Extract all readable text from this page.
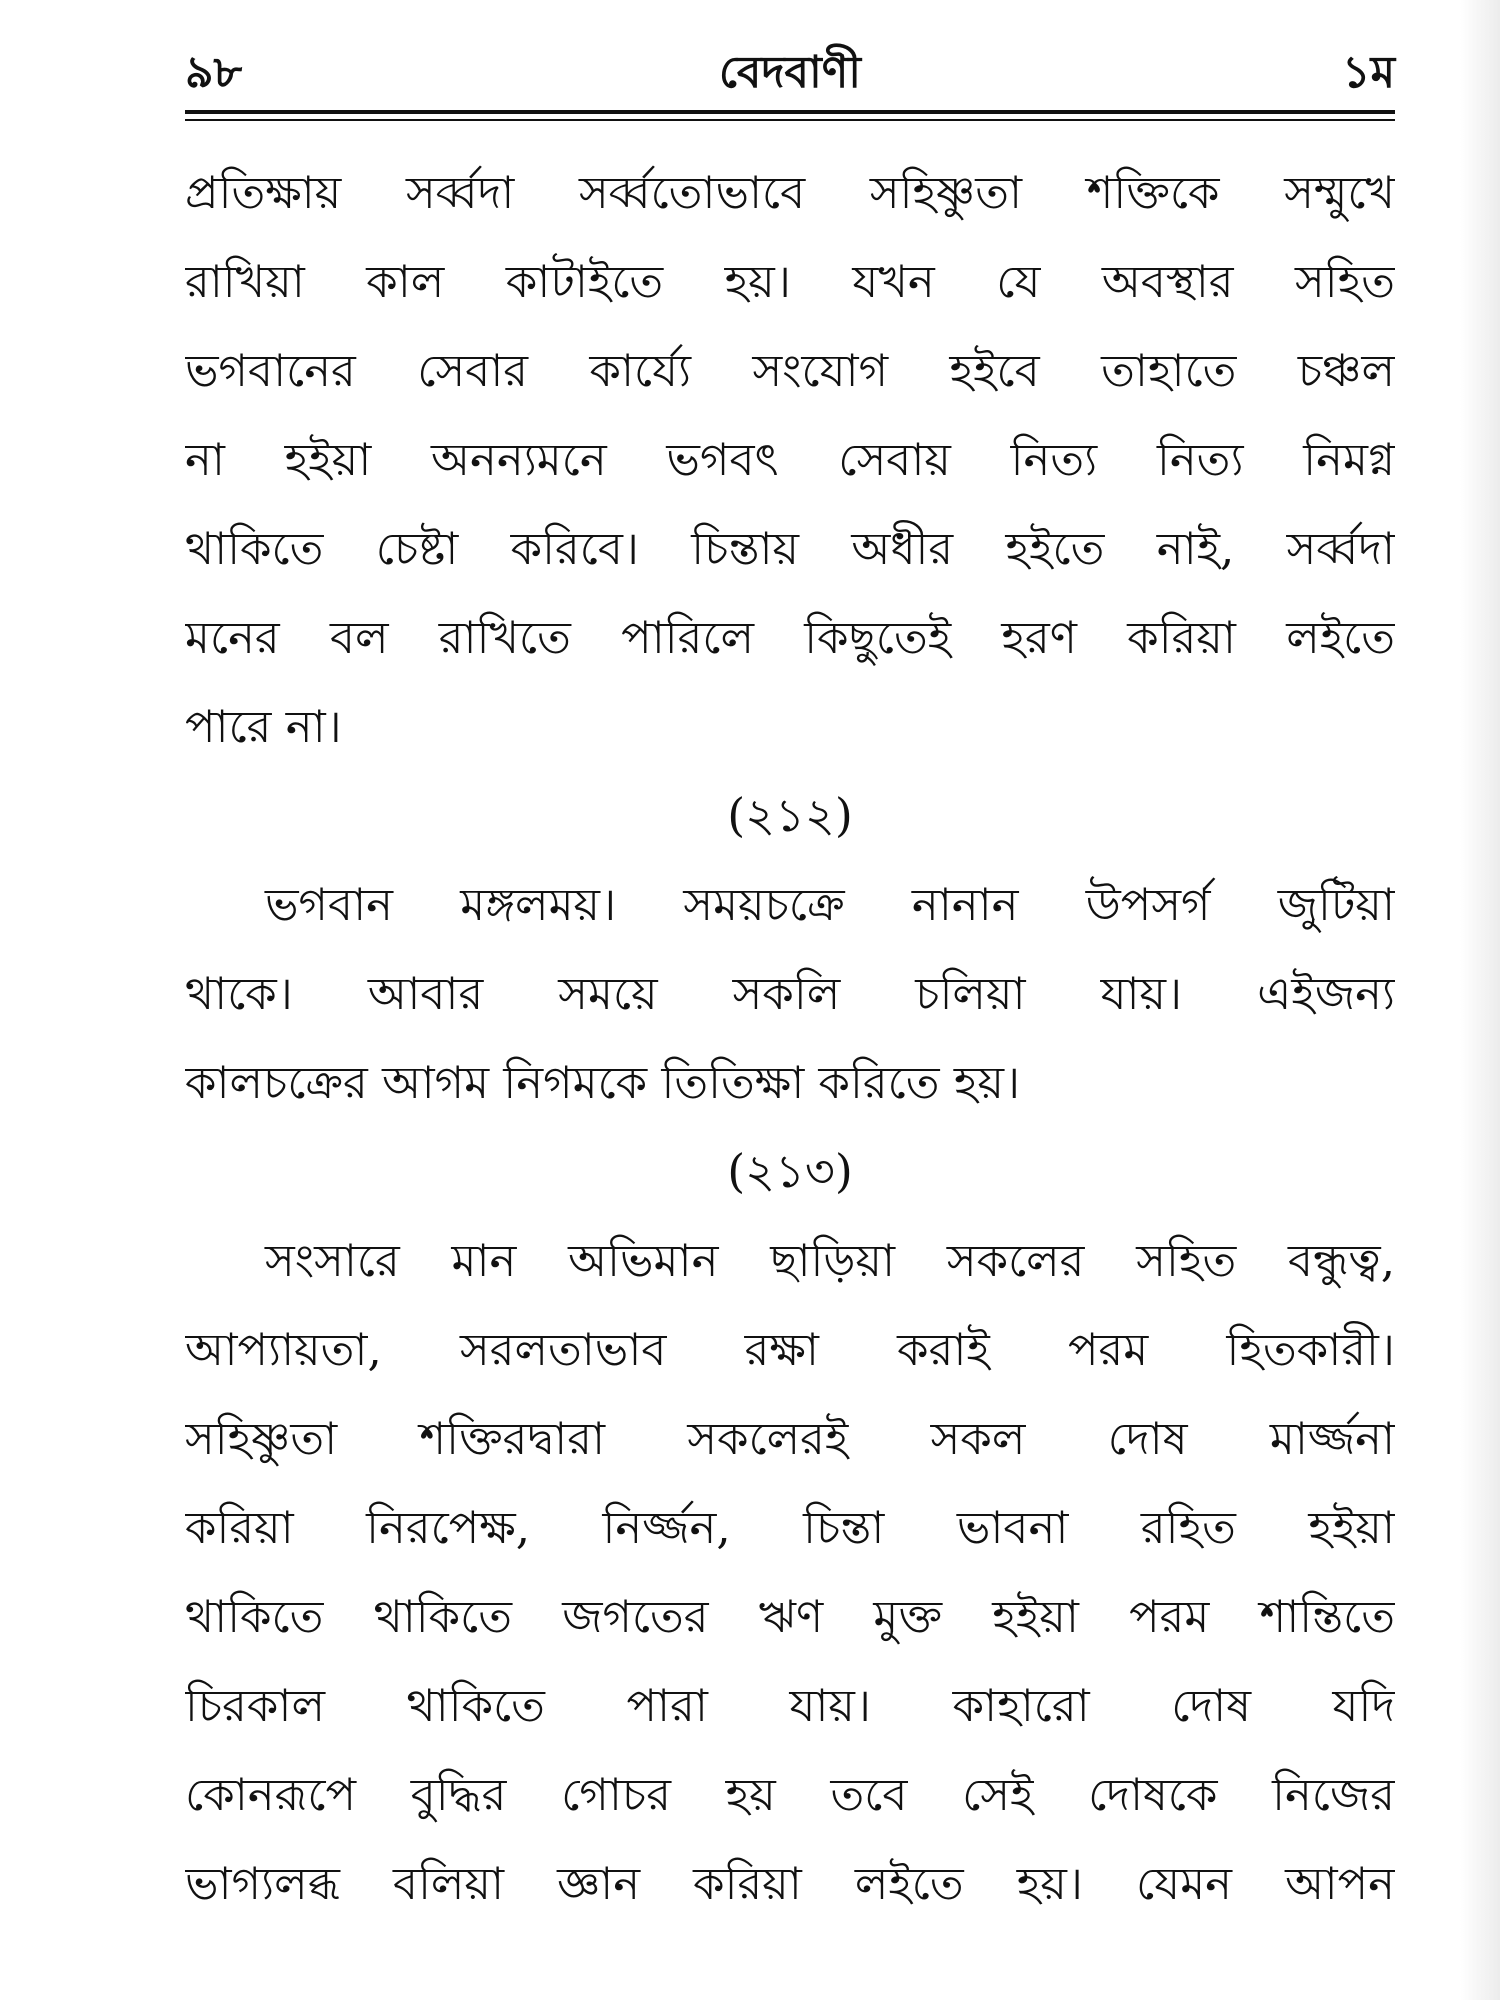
৯৮	বেদবাণী	১ম
প্রতিক্ষায় সর্ব্বদা সর্ব্বতোভাবে সহিষ্ণুতা শক্তিকে সম্মুখে
রাখিয়া কাল কাটাইতে হয়। যখন যে অবস্থার সহিত
ভগবানের সেবার কার্য্যে সংযোগ হইবে তাহাতে চঞ্চল
না হইয়া অনন্যমনে ভগবৎ সেবায় নিত্য নিত্য নিমগ্ন
থাকিতে চেষ্টা করিবে। চিন্তায় অধীর হইতে নাই, সর্ব্বদা
মনের বল রাখিতে পারিলে কিছুতেই হরণ করিয়া লইতে
পারে না।
(২১২)
ভগবান মঙ্গলময়। সময়চক্রে নানান উপসর্গ জুটিয়া
থাকে। আবার সময়ে সকলি চলিয়া যায়। এইজন্য
কালচক্রের আগম নিগমকে তিতিক্ষা করিতে হয়।
(২১৩)
সংসারে মান অভিমান ছাড়িয়া সকলের সহিত বন্ধুত্ব,
আপ্যায়তা, সরলতাভাব রক্ষা করাই পরম হিতকারী।
সহিষ্ণুতা শক্তিরদ্বারা সকলেরই সকল দোষ মার্জ্জনা
করিয়া নিরপেক্ষ, নির্জ্জন, চিন্তা ভাবনা রহিত হইয়া
থাকিতে থাকিতে জগতের ঋণ মুক্ত হইয়া পরম শান্তিতে
চিরকাল থাকিতে পারা যায়। কাহারো দোষ যদি
কোনরূপে বুদ্ধির গোচর হয় তবে সেই দোষকে নিজের
ভাগ্যলব্ধ বলিয়া জ্ঞান করিয়া লইতে হয়। যেমন আপন
